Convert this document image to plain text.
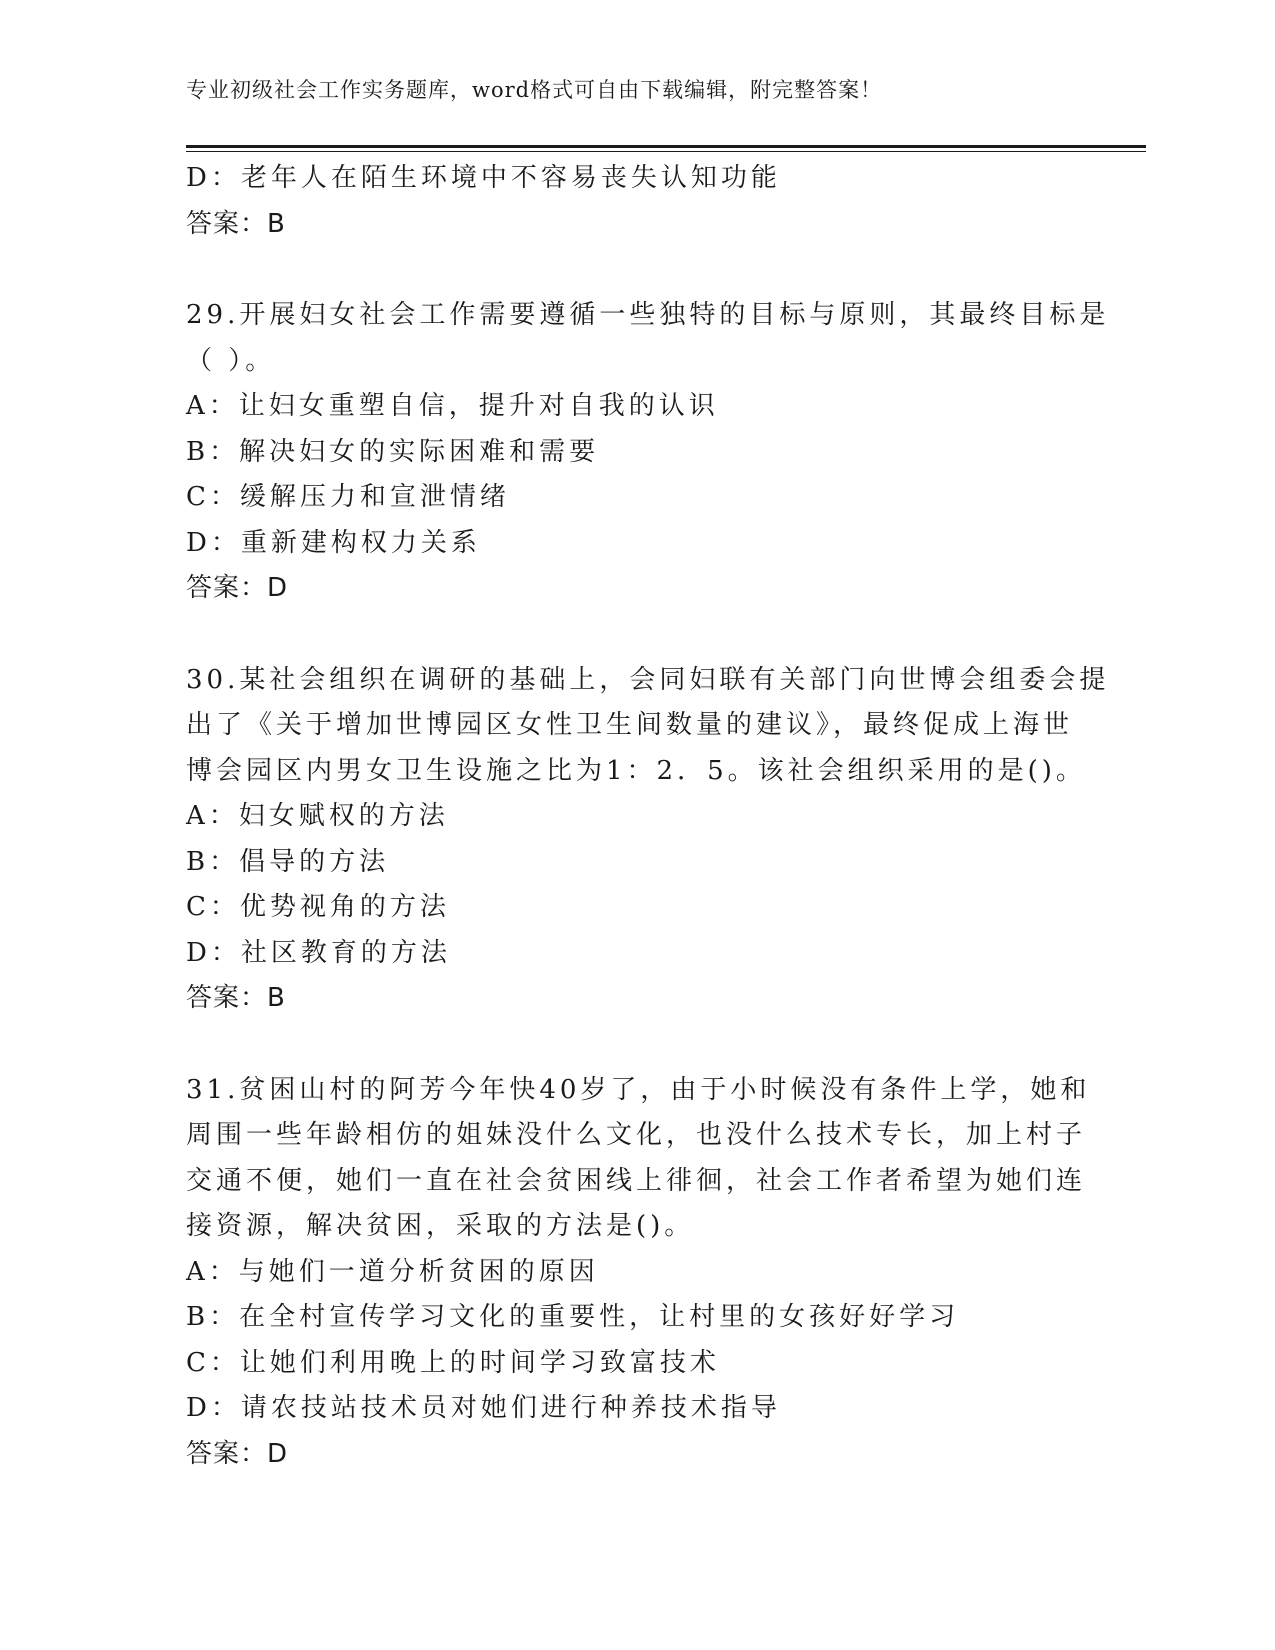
专业初级社会工作实务题库，word格式可自由下载编辑，附完整答案！
D：老年人在陌生环境中不容易丧失认知功能
答案：B
29.开展妇女社会工作需要遵循一些独特的目标与原则，其最终目标是
（ ）。
A：让妇女重塑自信，提升对自我的认识
B：解决妇女的实际困难和需要
C：缓解压力和宣泄情绪
D：重新建构权力关系
答案：D
30.某社会组织在调研的基础上，会同妇联有关部门向世博会组委会提
出了《关于增加世博园区女性卫生间数量的建议》，最终促成上海世
博会园区内男女卫生设施之比为1：2．5。该社会组织采用的是()。
A：妇女赋权的方法
B：倡导的方法
C：优势视角的方法
D：社区教育的方法
答案：B
31.贫困山村的阿芳今年快40岁了，由于小时候没有条件上学，她和
周围一些年龄相仿的姐妹没什么文化，也没什么技术专长，加上村子
交通不便，她们一直在社会贫困线上徘徊，社会工作者希望为她们连
接资源，解决贫困，采取的方法是()。
A：与她们一道分析贫困的原因
B：在全村宣传学习文化的重要性，让村里的女孩好好学习
C：让她们利用晚上的时间学习致富技术
D：请农技站技术员对她们进行种养技术指导
答案：D
